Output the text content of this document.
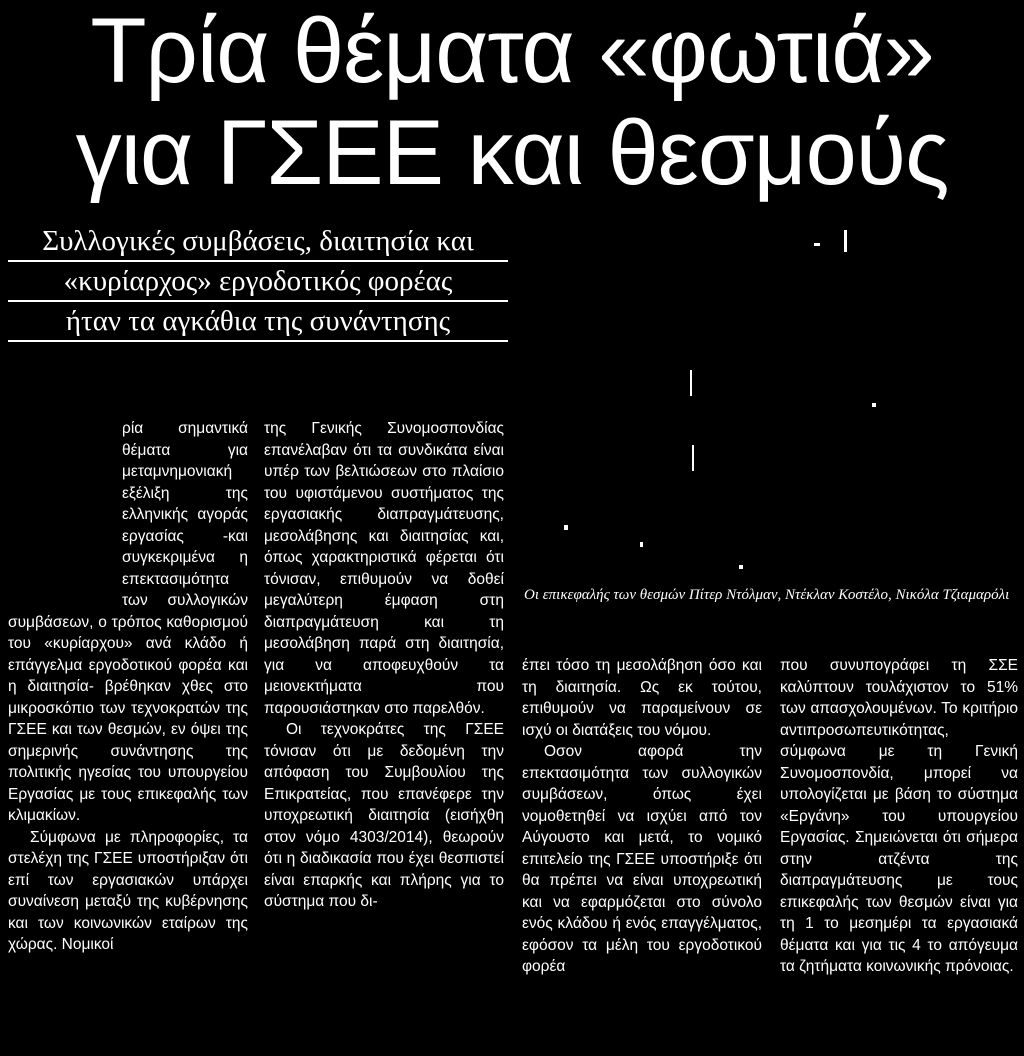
Τρία θέματα «φωτιά»
για ΓΣΕΕ και θεσμούς
Συλλογικές συμβάσεις, διαιτησία και
«κυρίαρχος» εργοδοτικός φορέας
ήταν τα αγκάθια της συνάντησης
Οι επικεφαλής των θεσμών Πίτερ Ντόλμαν, Ντέκλαν Κοστέλο, Νικόλα Τζιαμαρόλι

ρία σημαντικά θέματα για μεταμνημονιακή εξέλιξη της ελληνικής αγοράς εργασίας -και συγκεκριμένα η επεκτασιμότητα των συλλογικών συμβάσεων, ο τρόπος καθορισμού του «κυρίαρχου» ανά κλάδο ή επάγγελμα εργοδοτικού φορέα και η διαιτησία- βρέθηκαν χθες στο μικροσκόπιο των τεχνοκρατών της ΓΣΕΕ και των θεσμών, εν όψει της σημερινής συνάντησης της πολιτικής ηγεσίας του υπουργείου Εργασίας με τους επικεφαλής των κλιμακίων.

Σύμφωνα με πληροφορίες, τα στελέχη της ΓΣΕΕ υποστήριξαν ότι επί των εργασιακών υπάρχει συναίνεση μεταξύ της κυβέρνησης και των κοινωνικών εταίρων της χώρας. Νομικοί

της Γενικής Συνομοσπονδίας επανέλαβαν ότι τα συνδικάτα είναι υπέρ των βελτιώσεων στο πλαίσιο του υφιστάμενου συστήματος της εργασιακής διαπραγμάτευσης, μεσολάβησης και διαιτησίας και, όπως χαρακτηριστικά φέρεται ότι τόνισαν, επιθυμούν να δοθεί μεγαλύτερη έμφαση στη διαπραγμάτευση και τη μεσολάβηση παρά στη διαιτησία, για να αποφευχθούν τα μειονεκτήματα που παρουσιάστηκαν στο παρελθόν.

Οι τεχνοκράτες της ΓΣΕΕ τόνισαν ότι με δεδομένη την απόφαση του Συμβουλίου της Επικρατείας, που επανέφερε την υποχρεωτική διαιτησία (εισήχθη στον νόμο 4303/2014), θεωρούν ότι η διαδικασία που έχει θεσπιστεί είναι επαρκής και πλήρης για το σύστημα που δι-

έπει τόσο τη μεσολάβηση όσο και τη διαιτησία. Ως εκ τούτου, επιθυμούν να παραμείνουν σε ισχύ οι διατάξεις του νόμου.

Οσον αφορά την επεκτασιμότητα των συλλογικών συμβάσεων, όπως έχει νομοθετηθεί να ισχύει από τον Αύγουστο και μετά, το νομικό επιτελείο της ΓΣΕΕ υποστήριξε ότι θα πρέπει να είναι υποχρεωτική και να εφαρμόζεται στο σύνολο ενός κλάδου ή ενός επαγγέλματος, εφόσον τα μέλη του εργοδοτικού φορέα

που συνυπογράφει τη ΣΣΕ καλύπτουν τουλάχιστον το 51% των απασχολουμένων. Το κριτήριο αντιπροσωπευτικότητας, σύμφωνα με τη Γενική Συνομοσπονδία, μπορεί να υπολογίζεται με βάση το σύστημα «Εργάνη» του υπουργείου Εργασίας. Σημειώνεται ότι σήμερα στην ατζέντα της διαπραγμάτευσης με τους επικεφαλής των θεσμών είναι για τη 1 το μεσημέρι τα εργασιακά θέματα και για τις 4 το απόγευμα τα ζητήματα κοινωνικής πρόνοιας.
